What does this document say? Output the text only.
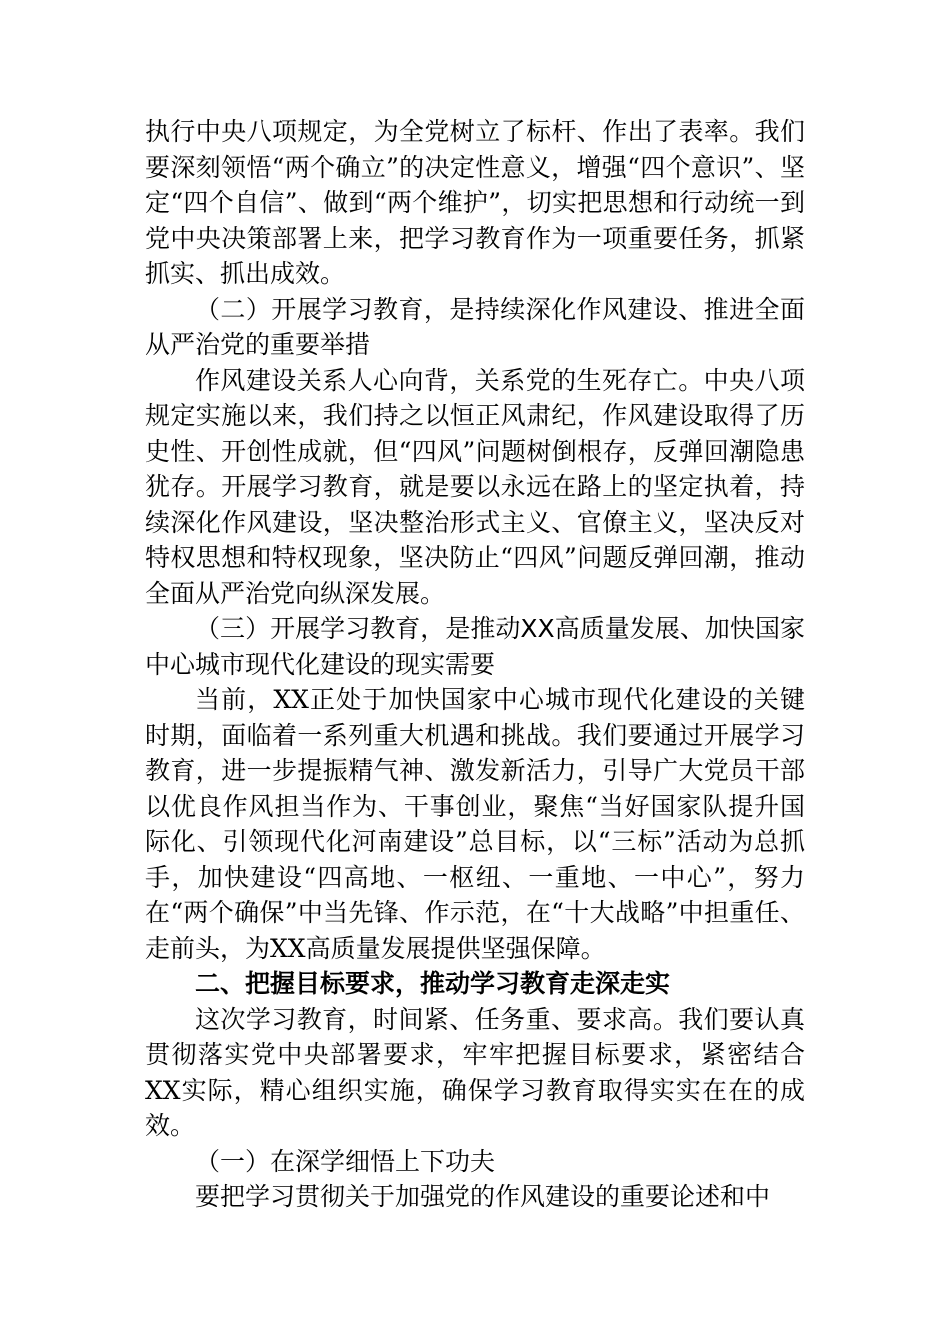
执行中央八项规定，为全党树立了标杆、作出了表率。我们要深刻领悟“两个确立”的决定性意义，增强“四个意识”、坚定“四个自信”、做到“两个维护”，切实把思想和行动统一到党中央决策部署上来，把学习教育作为一项重要任务，抓紧抓实、抓出成效。

（二）开展学习教育，是持续深化作风建设、推进全面从严治党的重要举措

作风建设关系人心向背，关系党的生死存亡。中央八项规定实施以来，我们持之以恒正风肃纪，作风建设取得了历史性、开创性成就，但“四风”问题树倒根存，反弹回潮隐患犹存。开展学习教育，就是要以永远在路上的坚定执着，持续深化作风建设，坚决整治形式主义、官僚主义，坚决反对特权思想和特权现象，坚决防止“四风”问题反弹回潮，推动全面从严治党向纵深发展。

（三）开展学习教育，是推动XX高质量发展、加快国家中心城市现代化建设的现实需要

当前，XX正处于加快国家中心城市现代化建设的关键时期，面临着一系列重大机遇和挑战。我们要通过开展学习教育，进一步提振精气神、激发新活力，引导广大党员干部以优良作风担当作为、干事创业，聚焦“当好国家队提升国际化、引领现代化河南建设”总目标，以“三标”活动为总抓手，加快建设“四高地、一枢纽、一重地、一中心”，努力在“两个确保”中当先锋、作示范，在“十大战略”中担重任、走前头，为XX高质量发展提供坚强保障。

二、把握目标要求，推动学习教育走深走实

这次学习教育，时间紧、任务重、要求高。我们要认真贯彻落实党中央部署要求，牢牢把握目标要求，紧密结合XX实际，精心组织实施，确保学习教育取得实实在在的成效。

（一）在深学细悟上下功夫

要把学习贯彻关于加强党的作风建设的重要论述和中
